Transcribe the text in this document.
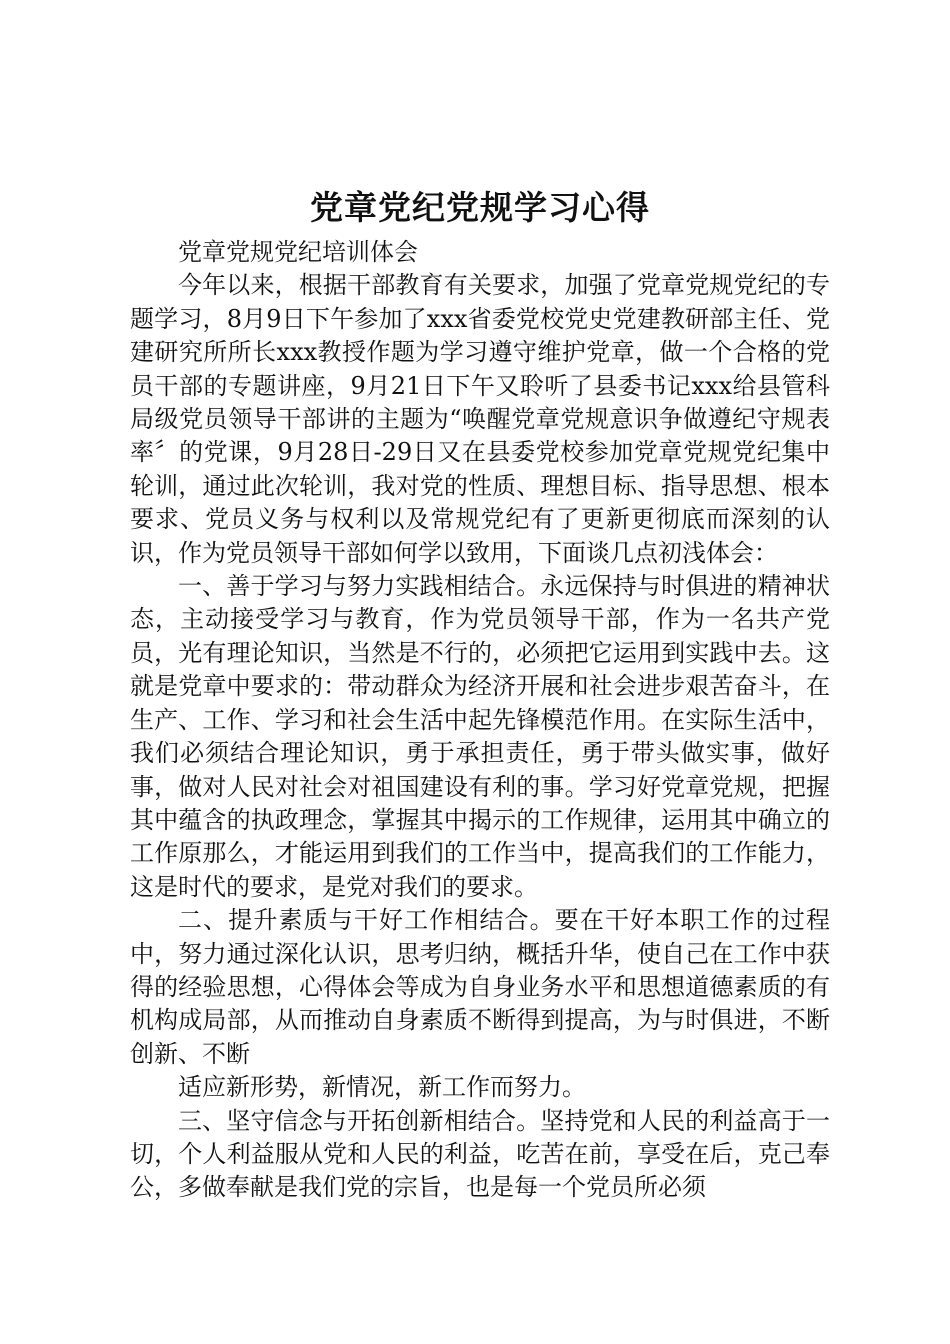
党章党纪党规学习心得

党章党规党纪培训体会

今年以来，根据干部教育有关要求，加强了党章党规党纪的专题学习，8月9日下午参加了xxx省委党校党史党建教研部主任、党建研究所所长xxx教授作题为学习遵守维护党章，做一个合格的党员干部的专题讲座，9月21日下午又聆听了县委书记xxx给县管科局级党员领导干部讲的主题为“唤醒党章党规意识争做遵纪守规表率〞的党课，9月28日-29日又在县委党校参加党章党规党纪集中轮训，通过此次轮训，我对党的性质、理想目标、指导思想、根本要求、党员义务与权利以及常规党纪有了更新更彻底而深刻的认识，作为党员领导干部如何学以致用，下面谈几点初浅体会：

一、善于学习与努力实践相结合。永远保持与时俱进的精神状态，主动接受学习与教育，作为党员领导干部，作为一名共产党员，光有理论知识，当然是不行的，必须把它运用到实践中去。这就是党章中要求的：带动群众为经济开展和社会进步艰苦奋斗，在生产、工作、学习和社会生活中起先锋模范作用。在实际生活中，我们必须结合理论知识，勇于承担责任，勇于带头做实事，做好事，做对人民对社会对祖国建设有利的事。学习好党章党规，把握其中蕴含的执政理念，掌握其中揭示的工作规律，运用其中确立的工作原那么，才能运用到我们的工作当中，提高我们的工作能力，这是时代的要求，是党对我们的要求。

二、提升素质与干好工作相结合。要在干好本职工作的过程中，努力通过深化认识，思考归纳，概括升华，使自己在工作中获得的经验思想，心得体会等成为自身业务水平和思想道德素质的有机构成局部，从而推动自身素质不断得到提高，为与时俱进，不断创新、不断

适应新形势，新情况，新工作而努力。

三、坚守信念与开拓创新相结合。坚持党和人民的利益高于一切，个人利益服从党和人民的利益，吃苦在前，享受在后，克己奉公，多做奉献是我们党的宗旨，也是每一个党员所必须
